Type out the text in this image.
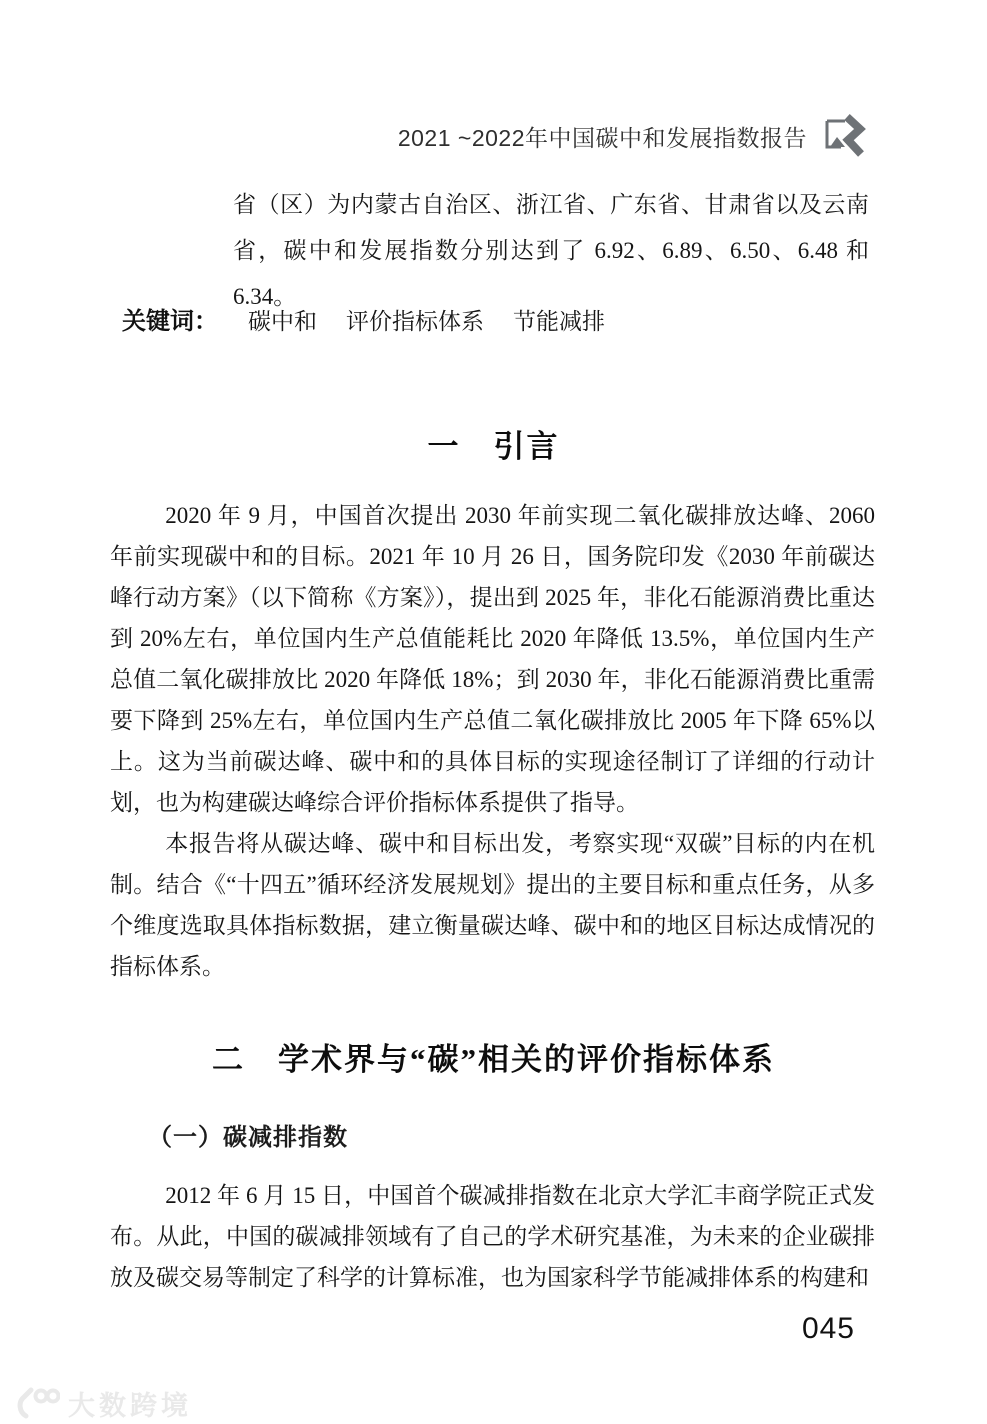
2021 ~2022年中国碳中和发展指数报告

省（区）为内蒙古自治区、浙江省、广东省、甘肃省以及云南省，碳中和发展指数分别达到了 6.92、6.89、6.50、6.48 和 6.34。

关键词： 碳中和 评价指标体系 节能减排
一　引言

2020 年 9 月，中国首次提出 2030 年前实现二氧化碳排放达峰、2060 年前实现碳中和的目标。2021 年 10 月 26 日，国务院印发《2030 年前碳达峰行动方案》（以下简称《方案》），提出到 2025 年，非化石能源消费比重达到 20%左右，单位国内生产总值能耗比 2020 年降低 13.5%，单位国内生产总值二氧化碳排放比 2020 年降低 18%；到 2030 年，非化石能源消费比重需要下降到 25%左右，单位国内生产总值二氧化碳排放比 2005 年下降 65%以上。这为当前碳达峰、碳中和的具体目标的实现途径制订了详细的行动计划，也为构建碳达峰综合评价指标体系提供了指导。

本报告将从碳达峰、碳中和目标出发，考察实现“双碳”目标的内在机制。结合《“十四五”循环经济发展规划》提出的主要目标和重点任务，从多个维度选取具体指标数据，建立衡量碳达峰、碳中和的地区目标达成情况的指标体系。

二　学术界与“碳”相关的评价指标体系
（一）碳减排指数

2012 年 6 月 15 日，中国首个碳减排指数在北京大学汇丰商学院正式发布。从此，中国的碳减排领域有了自己的学术研究基准，为未来的企业碳排放及碳交易等制定了科学的计算标准，也为国家科学节能减排体系的构建和

045
大数跨境
